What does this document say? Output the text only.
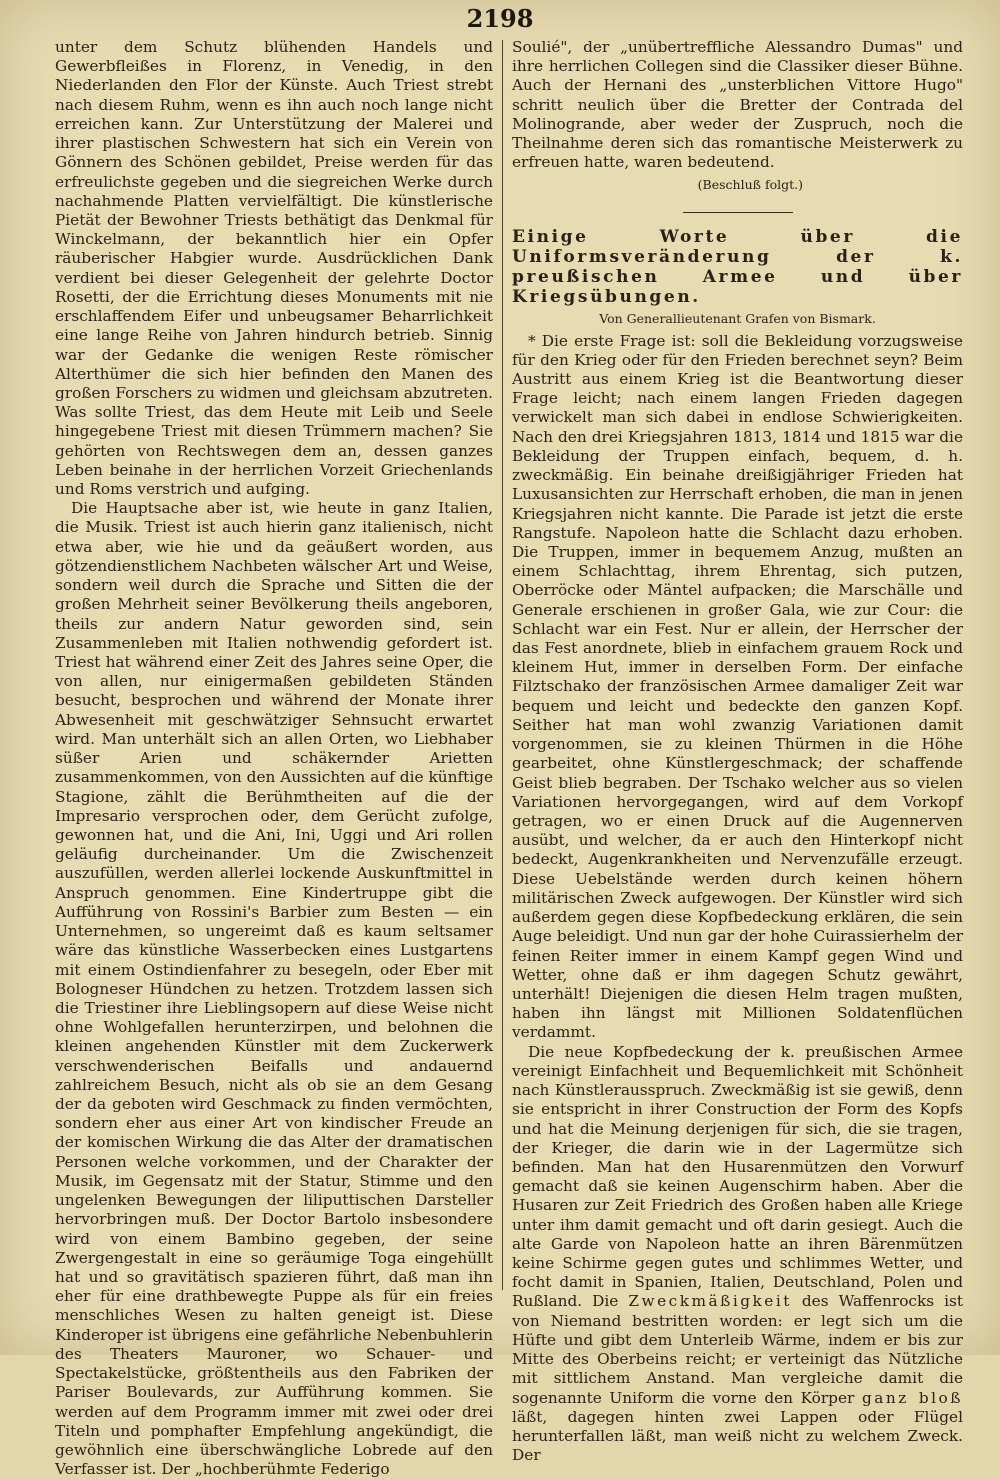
2198

unter dem Schutz blühenden Handels und Gewerbfleißes in Florenz, in Venedig, in den Niederlanden den Flor der Künste. Auch Triest strebt nach diesem Ruhm, wenn es ihn auch noch lange nicht erreichen kann. Zur Unterstützung der Malerei und ihrer plastischen Schwestern hat sich ein Verein von Gönnern des Schönen gebildet, Preise werden für das erfreulichste gegeben und die siegreichen Werke durch nachahmende Platten vervielfältigt. Die künstlerische Pietät der Bewohner Triests bethätigt das Denkmal für Winckelmann, der bekanntlich hier ein Opfer räuberischer Habgier wurde. Ausdrücklichen Dank verdient bei dieser Gelegenheit der gelehrte Doctor Rosetti, der die Errichtung dieses Monuments mit nie erschlaffendem Eifer und unbeugsamer Beharrlichkeit eine lange Reihe von Jahren hindurch betrieb. Sinnig war der Gedanke die wenigen Reste römischer Alterthümer die sich hier befinden den Manen des großen Forschers zu widmen und gleichsam abzutreten. Was sollte Triest, das dem Heute mit Leib und Seele hingegebene Triest mit diesen Trümmern machen? Sie gehörten von Rechtswegen dem an, dessen ganzes Leben beinahe in der herrlichen Vorzeit Griechenlands und Roms verstrich und aufging.

Die Hauptsache aber ist, wie heute in ganz Italien, die Musik. Triest ist auch hierin ganz italienisch, nicht etwa aber, wie hie und da geäußert worden, aus götzendienstlichem Nachbeten wälscher Art und Weise, sondern weil durch die Sprache und Sitten die der großen Mehrheit seiner Bevölkerung theils angeboren, theils zur andern Natur geworden sind, sein Zusammenleben mit Italien nothwendig gefordert ist. Triest hat während einer Zeit des Jahres seine Oper, die von allen, nur einigermaßen gebildeten Ständen besucht, besprochen und während der Monate ihrer Abwesenheit mit geschwätziger Sehnsucht erwartet wird. Man unterhält sich an allen Orten, wo Liebhaber süßer Arien und schäkernder Arietten zusammenkommen, von den Aussichten auf die künftige Stagione, zählt die Berühmtheiten auf die der Impresario versprochen oder, dem Gerücht zufolge, gewonnen hat, und die Ani, Ini, Uggi und Ari rollen geläufig durcheinander. Um die Zwischenzeit auszufüllen, werden allerlei lockende Auskunftmittel in Anspruch genommen. Eine Kindertruppe gibt die Aufführung von Rossini's Barbier zum Besten — ein Unternehmen, so ungereimt daß es kaum seltsamer wäre das künstliche Wasserbecken eines Lustgartens mit einem Ostindienfahrer zu besegeln, oder Eber mit Bologneser Hündchen zu hetzen. Trotzdem lassen sich die Triestiner ihre Lieblingsopern auf diese Weise nicht ohne Wohlgefallen herunterzirpen, und belohnen die kleinen angehenden Künstler mit dem Zuckerwerk verschwenderischen Beifalls und andauernd zahlreichem Besuch, nicht als ob sie an dem Gesang der da geboten wird Geschmack zu finden vermöchten, sondern eher aus einer Art von kindischer Freude an der komischen Wirkung die das Alter der dramatischen Personen welche vorkommen, und der Charakter der Musik, im Gegensatz mit der Statur, Stimme und den ungelenken Bewegungen der liliputtischen Darsteller hervorbringen muß. Der Doctor Bartolo insbesondere wird von einem Bambino gegeben, der seine Zwergengestalt in eine so geräumige Toga eingehüllt hat und so gravitätisch spazieren führt, daß man ihn eher für eine drathbewegte Puppe als für ein freies menschliches Wesen zu halten geneigt ist. Diese Kinderoper ist übrigens eine gefährliche Nebenbuhlerin des Theaters Mauroner, wo Schauer- und Spectakelstücke, größtentheils aus den Fabriken der Pariser Boulevards, zur Aufführung kommen. Sie werden auf dem Programm immer mit zwei oder drei Titeln und pomphafter Empfehlung angekündigt, die gewöhnlich eine überschwängliche Lobrede auf den Verfasser ist. Der „hochberühmte Federigo

Soulié", der „unübertreffliche Alessandro Dumas" und ihre herrlichen Collegen sind die Classiker dieser Bühne. Auch der Hernani des „unsterblichen Vittore Hugo" schritt neulich über die Bretter der Contrada del Molinogrande, aber weder der Zuspruch, noch die Theilnahme deren sich das romantische Meisterwerk zu erfreuen hatte, waren bedeutend.

(Beschluß folgt.)
Einige Worte über die Uniformsveränderung der k. preußischen Armee und über Kriegsübungen.
Von Generallieutenant Grafen von Bismark.

* Die erste Frage ist: soll die Bekleidung vorzugsweise für den Krieg oder für den Frieden berechnet seyn? Beim Austritt aus einem Krieg ist die Beantwortung dieser Frage leicht; nach einem langen Frieden dagegen verwickelt man sich dabei in endlose Schwierigkeiten. Nach den drei Kriegsjahren 1813, 1814 und 1815 war die Bekleidung der Truppen einfach, bequem, d. h. zweckmäßig. Ein beinahe dreißigjähriger Frieden hat Luxusansichten zur Herrschaft erhoben, die man in jenen Kriegsjahren nicht kannte. Die Parade ist jetzt die erste Rangstufe. Napoleon hatte die Schlacht dazu erhoben. Die Truppen, immer in bequemem Anzug, mußten an einem Schlachttag, ihrem Ehrentag, sich putzen, Oberröcke oder Mäntel aufpacken; die Marschälle und Generale erschienen in großer Gala, wie zur Cour: die Schlacht war ein Fest. Nur er allein, der Herrscher der das Fest anordnete, blieb in einfachem grauem Rock und kleinem Hut, immer in derselben Form. Der einfache Filztschako der französischen Armee damaliger Zeit war bequem und leicht und bedeckte den ganzen Kopf. Seither hat man wohl zwanzig Variationen damit vorgenommen, sie zu kleinen Thürmen in die Höhe gearbeitet, ohne Künstlergeschmack; der schaffende Geist blieb begraben. Der Tschako welcher aus so vielen Variationen hervorgegangen, wird auf dem Vorkopf getragen, wo er einen Druck auf die Augennerven ausübt, und welcher, da er auch den Hinterkopf nicht bedeckt, Augenkrankheiten und Nervenzufälle erzeugt. Diese Uebelstände werden durch keinen höhern militärischen Zweck aufgewogen. Der Künstler wird sich außerdem gegen diese Kopfbedeckung erklären, die sein Auge beleidigt. Und nun gar der hohe Cuirassierhelm der feinen Reiter immer in einem Kampf gegen Wind und Wetter, ohne daß er ihm dagegen Schutz gewährt, unterhält! Diejenigen die diesen Helm tragen mußten, haben ihn längst mit Millionen Soldatenflüchen verdammt.

Die neue Kopfbedeckung der k. preußischen Armee vereinigt Einfachheit und Bequemlichkeit mit Schönheit nach Künstlerausspruch. Zweckmäßig ist sie gewiß, denn sie entspricht in ihrer Construction der Form des Kopfs und hat die Meinung derjenigen für sich, die sie tragen, der Krieger, die darin wie in der Lagermütze sich befinden. Man hat den Husarenmützen den Vorwurf gemacht daß sie keinen Augenschirm haben. Aber die Husaren zur Zeit Friedrich des Großen haben alle Kriege unter ihm damit gemacht und oft darin gesiegt. Auch die alte Garde von Napoleon hatte an ihren Bärenmützen keine Schirme gegen gutes und schlimmes Wetter, und focht damit in Spanien, Italien, Deutschland, Polen und Rußland. Die Zweckmäßigkeit des Waffenrocks ist von Niemand bestritten worden: er legt sich um die Hüfte und gibt dem Unterleib Wärme, indem er bis zur Mitte des Oberbeins reicht; er verteinigt das Nützliche mit sittlichem Anstand. Man vergleiche damit die sogenannte Uniform die vorne den Körper ganz bloß läßt, dagegen hinten zwei Lappen oder Flügel herunterfallen läßt, man weiß nicht zu welchem Zweck. Der
